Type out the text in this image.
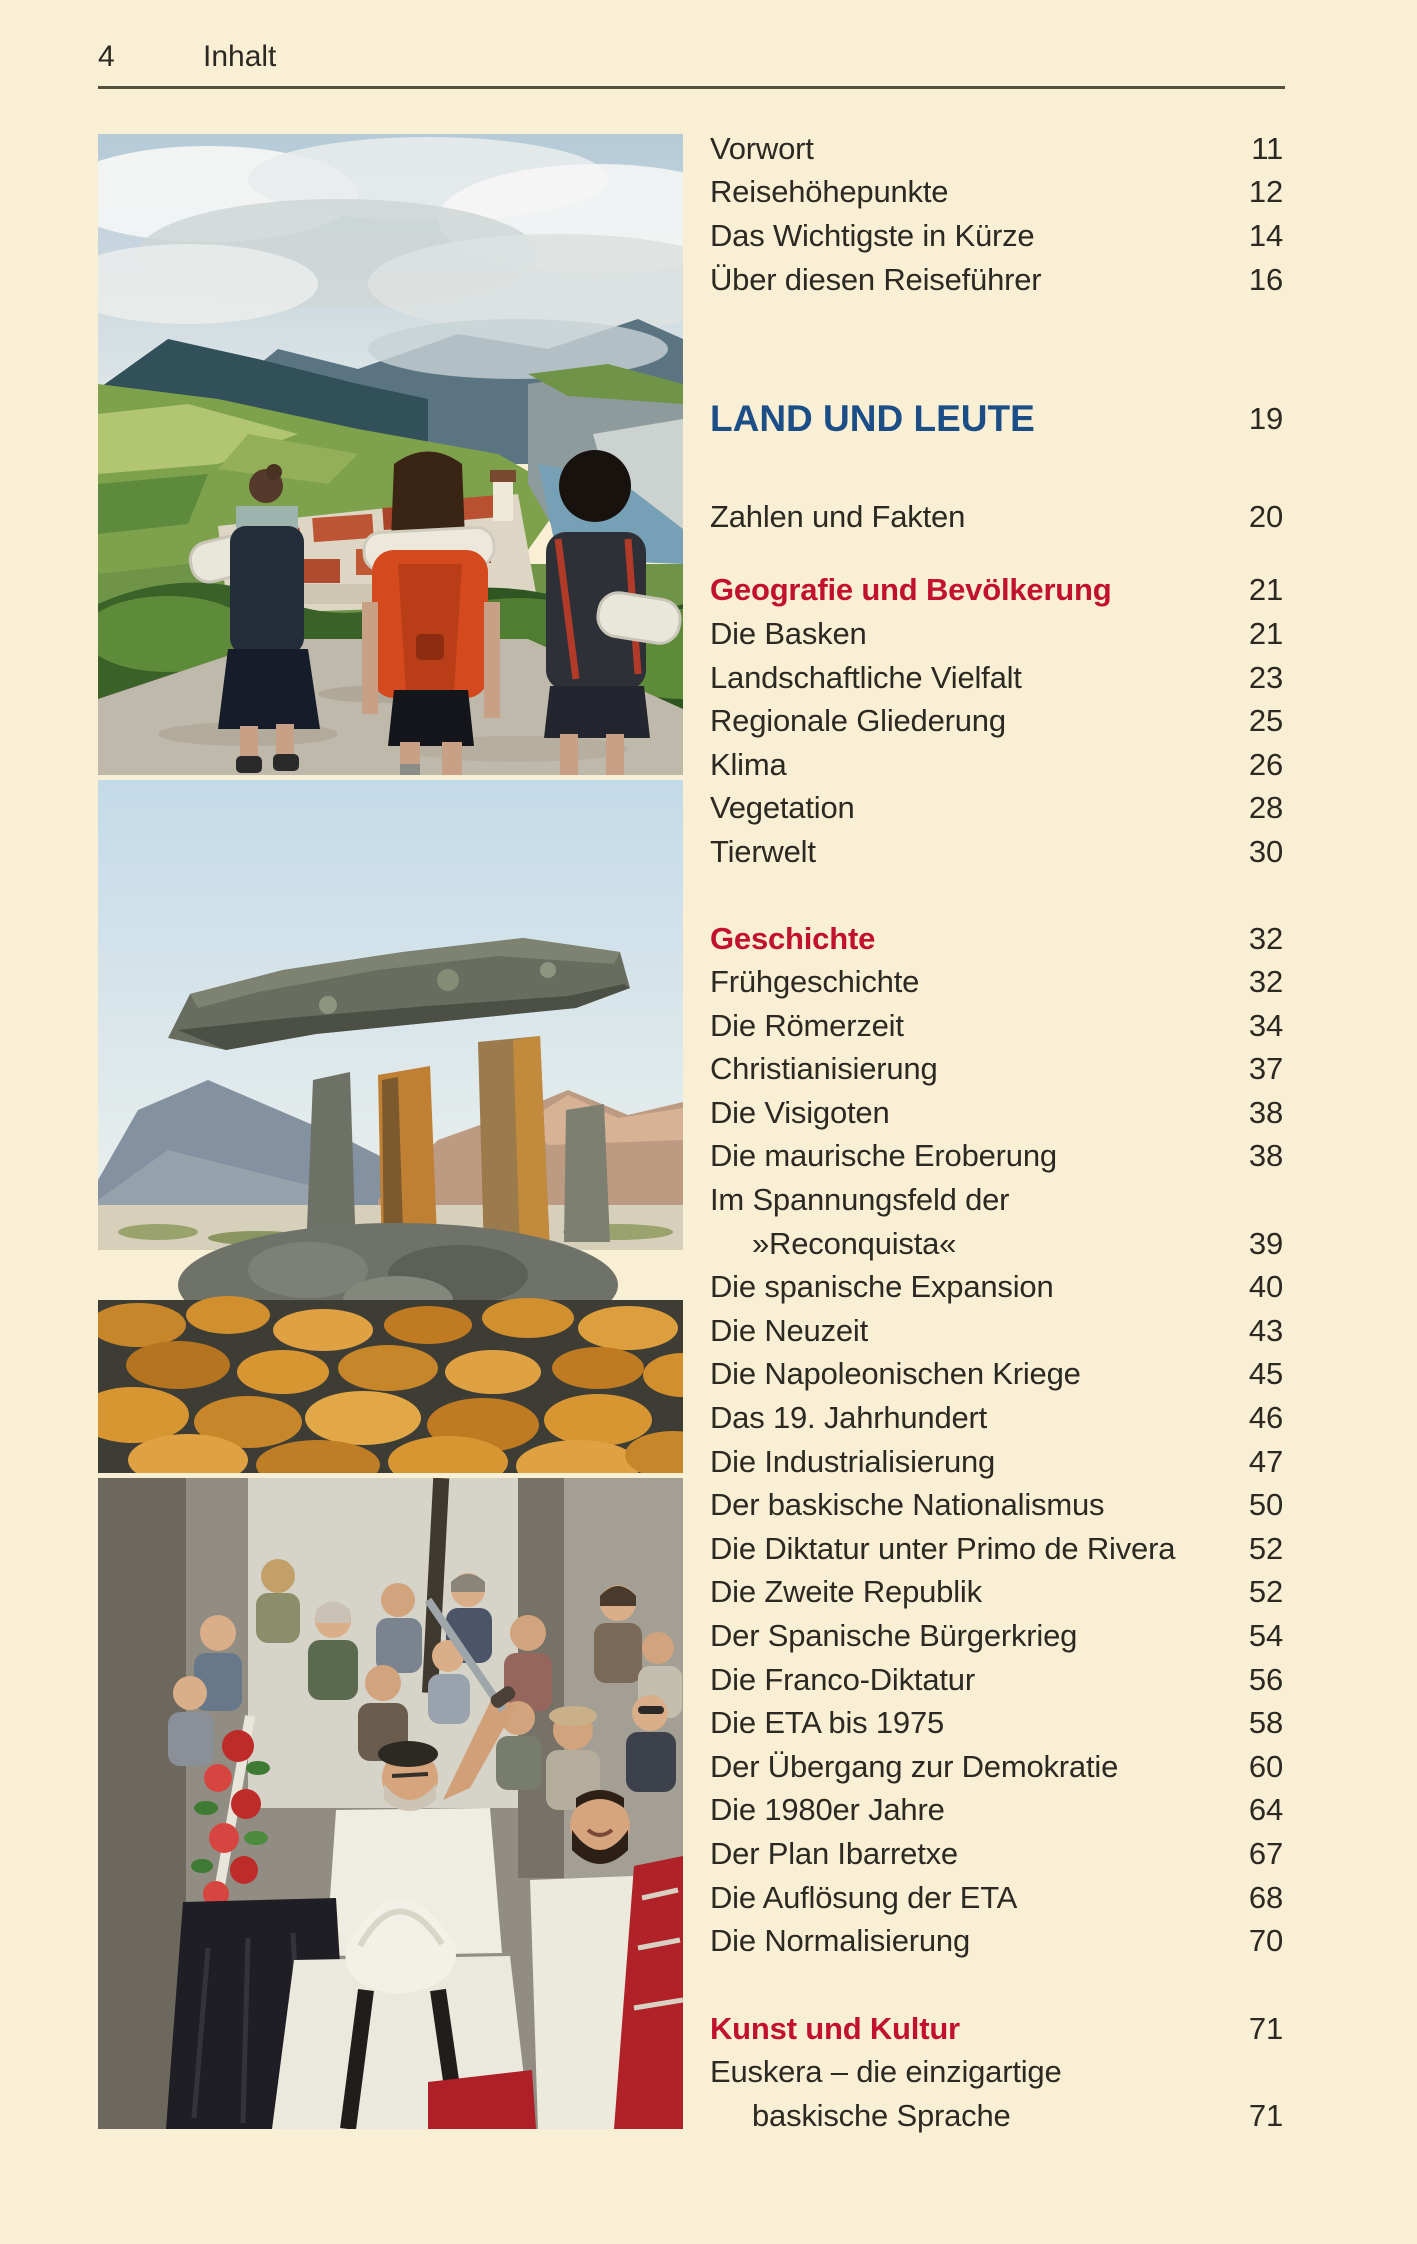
4	Inhalt
Vorwort	11
Reisehöhepunkte	12
Das Wichtigste in Kürze	14
Über diesen Reiseführer	16
LAND UND LEUTE	19
Zahlen und Fakten	20
Geografie und Bevölkerung	21
Die Basken	21
Landschaftliche Vielfalt	23
Regionale Gliederung	25
Klima	26
Vegetation	28
Tierwelt	30
Geschichte	32
Frühgeschichte	32
Die Römerzeit	34
Christianisierung	37
Die Visigoten	38
Die maurische Eroberung	38
Im Spannungsfeld der
»Reconquista«	39
Die spanische Expansion	40
Die Neuzeit	43
Die Napoleonischen Kriege	45
Das 19. Jahrhundert	46
Die Industrialisierung	47
Der baskische Nationalismus	50
Die Diktatur unter Primo de Rivera	52
Die Zweite Republik	52
Der Spanische Bürgerkrieg	54
Die Franco-Diktatur	56
Die ETA bis 1975	58
Der Übergang zur Demokratie	60
Die 1980er Jahre	64
Der Plan Ibarretxe	67
Die Auflösung der ETA	68
Die Normalisierung	70
Kunst und Kultur	71
Euskera – die einzigartige
baskische Sprache	71
